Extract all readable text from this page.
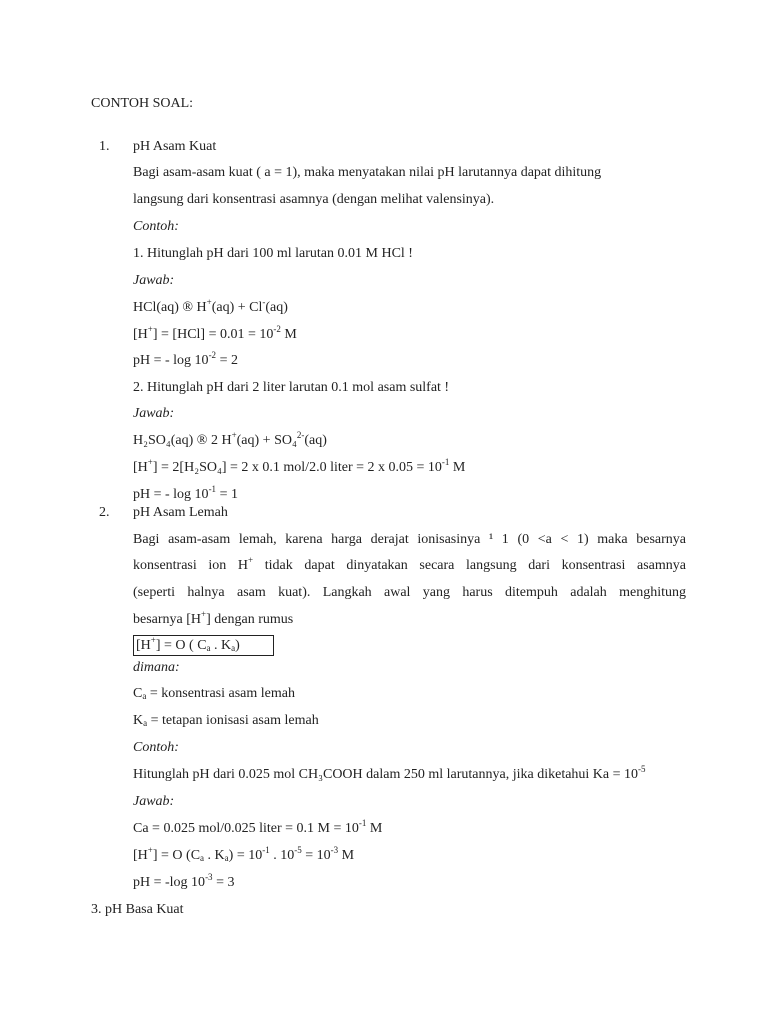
CONTOH SOAL:
1. pH Asam Kuat
Bagi asam-asam kuat ( a = 1), maka menyatakan nilai pH larutannya dapat dihitung
langsung dari konsentrasi asamnya (dengan melihat valensinya).
Contoh:
1. Hitunglah pH dari 100 ml larutan 0.01 M HCl !
Jawab:
HCl(aq) ® H+(aq) + Cl-(aq)
$[H^+] = [HCl] = 0.01 = 10^{-2}$ M
pH = - $\log 10^{-2} = 2$
2. Hitunglah pH dari 2 liter larutan 0.1 mol asam sulfat !
Jawab:
H₂SO₄(aq) ® 2 H+(aq) + SO₄$^{2-}$(aq)
[H+] = 2[H₂SO₄] = 2 x 0.1 mol/2.0 liter = 2 x $0.05 = 10^{-1}$ M
pH = - $\log 10^{-1} = 1$
2. pH Asam Lemah
Bagi asam-asam lemah, karena harga derajat ionisasinya ¹ 1 (0 <a < 1) maka besarnya
konsentrasi ion H+ tidak dapat dinyatakan secara langsung dari konsentrasi asamnya
(seperti halnya asam kuat). Langkah awal yang harus ditempuh adalah menghitung
besarnya [H+] dengan rumus
[H+] = O ( $C_a$ . $K_a$)
dimana:
$C_a$ = konsentrasi asam lemah
$K_a$ = tetapan ionisasi asam lemah
Contoh:
Hitunglah pH dari 0.025 mol CH₃COOH dalam 250 ml larutannya, jika diketahui $Ka = 10^{-5}$
Jawab:
Ca = 0.025 mol/0.025 liter = 0.1 $M = 10^{-1}$ M
[H+] = O ($C_a$ . $K_a) = 10^{-1}$ . $10^{-5} = 10^{-3}$ M
pH = -log $10^{-3} = 3$
3. pH Basa Kuat
